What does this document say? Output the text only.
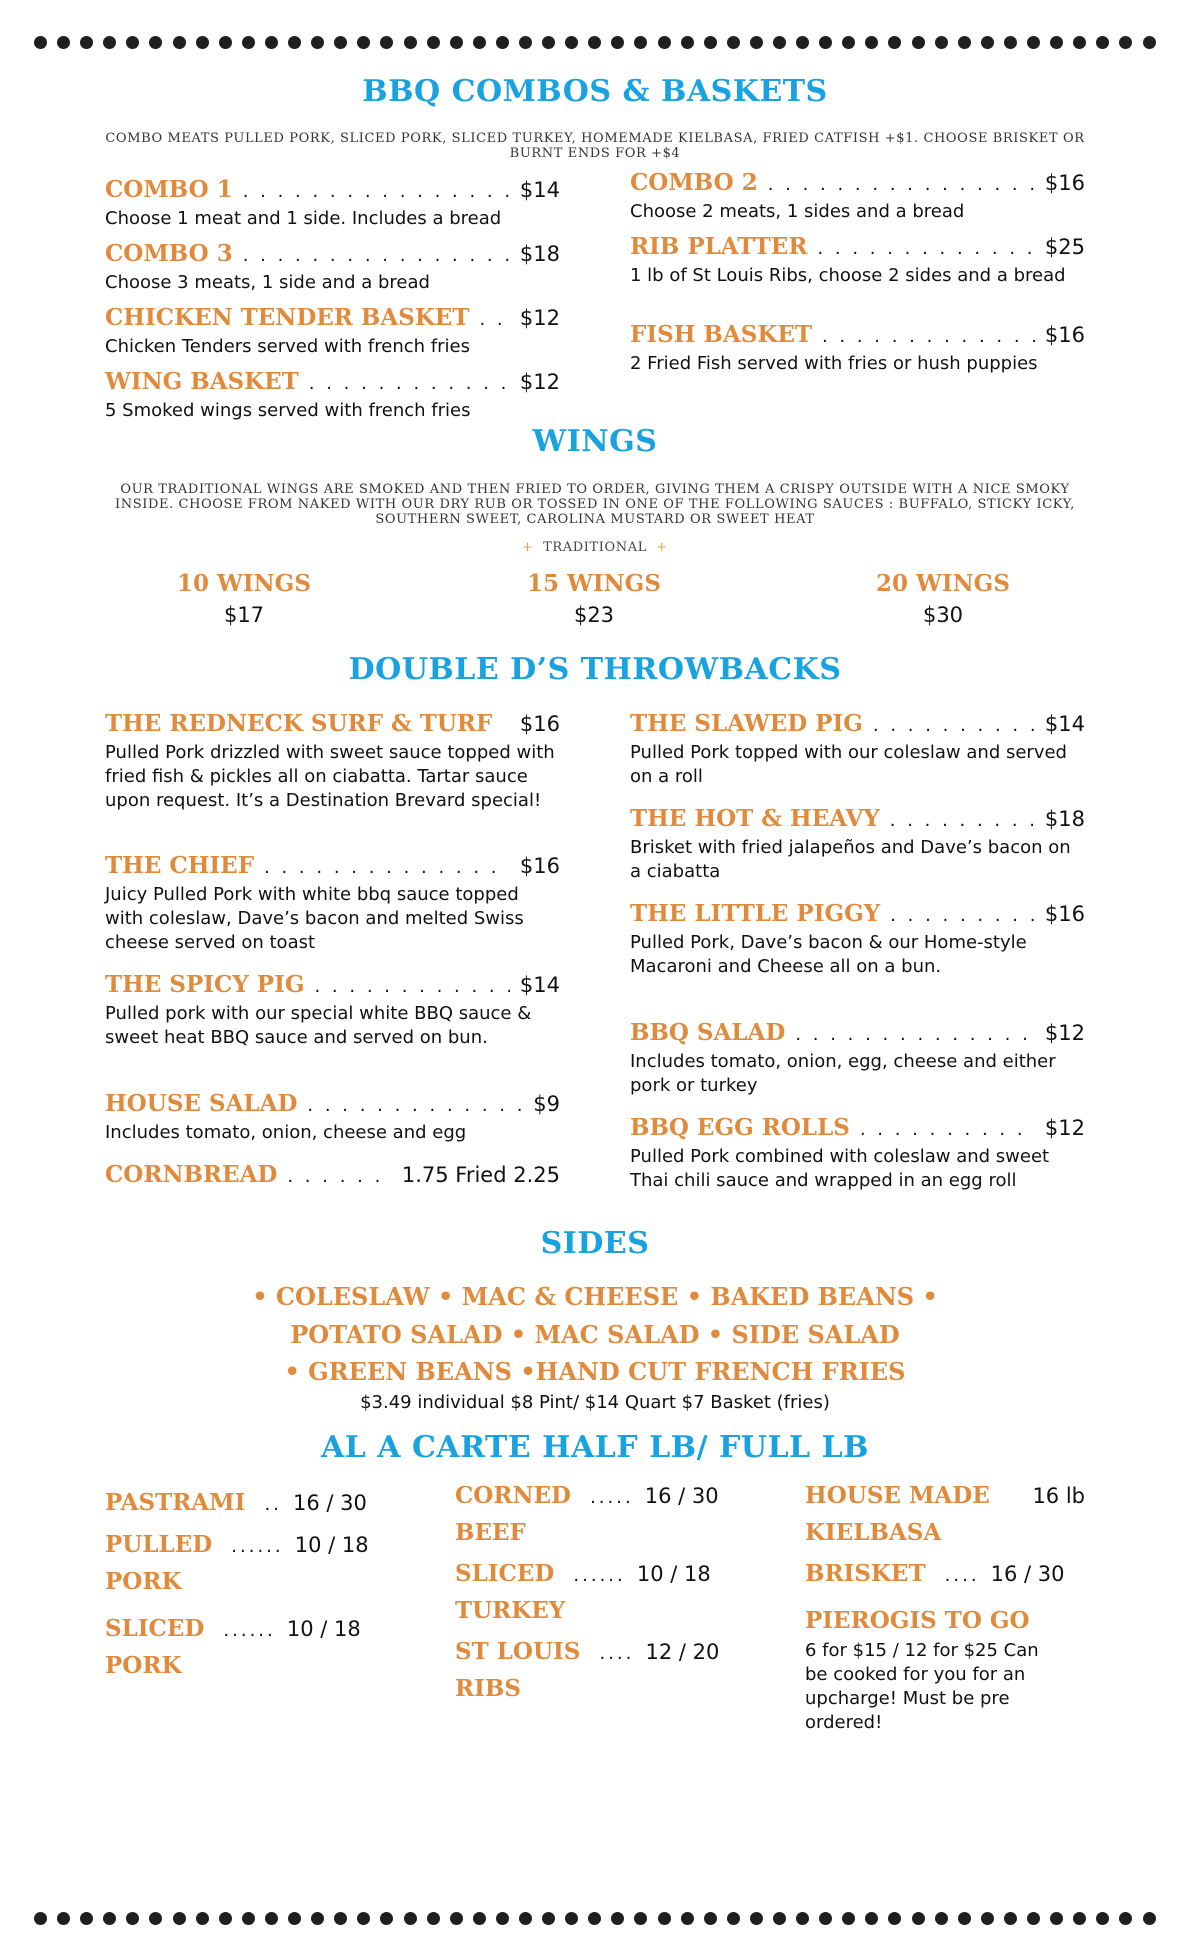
BBQ COMBOS & BASKETS
COMBO MEATS PULLED PORK, SLICED PORK, SLICED TURKEY, HOMEMADE KIELBASA, FRIED CATFISH +$1. CHOOSE BRISKET OR BURNT ENDS FOR +$4
COMBO 1 . . .	$14
Choose 1 meat and 1 side. Includes a bread
COMBO 3 . . .	$18
Choose 3 meats, 1 side and a bread
CHICKEN TENDER BASKET . . . $12
Chicken Tenders served with french fries
WING BASKET . . .	$12
5 Smoked wings served with french fries
COMBO 2 . . .	$16
Choose 2 meats, 1 sides and a bread
RIB PLATTER . . .	$25
1 lb of St Louis Ribs, choose 2 sides and a bread
FISH BASKET . . .	$16
2 Fried Fish served with fries or hush puppies
WINGS
OUR TRADITIONAL WINGS ARE SMOKED AND THEN FRIED TO ORDER, GIVING THEM A CRISPY OUTSIDE WITH A NICE SMOKY INSIDE. CHOOSE FROM NAKED WITH OUR DRY RUB OR TOSSED IN ONE OF THE FOLLOWING SAUCES : BUFFALO, STICKY ICKY, SOUTHERN SWEET, CAROLINA MUSTARD OR SWEET HEAT
+ TRADITIONAL +
10 WINGS
$17
15 WINGS
$23
20 WINGS
$30
DOUBLE D’S THROWBACKS
THE REDNECK SURF & TURF $16
Pulled Pork drizzled with sweet sauce topped with fried fish & pickles all on ciabatta. Tartar sauce upon request. It’s a Destination Brevard special!
THE CHIEF . . .	$16
Juicy Pulled Pork with white bbq sauce topped with coleslaw, Dave’s bacon and melted Swiss cheese served on toast
THE SPICY PIG . . .	$14
Pulled pork with our special white BBQ sauce & sweet heat BBQ sauce and served on bun.
HOUSE SALAD . . .	$9
Includes tomato, onion, cheese and egg
CORNBREAD . . .	1.75 Fried 2.25
THE SLAWED PIG . . .	$14
Pulled Pork topped with our coleslaw and served on a roll
THE HOT & HEAVY . . .	$18
Brisket with fried jalapeños and Dave’s bacon on a ciabatta
THE LITTLE PIGGY . . .	$16
Pulled Pork, Dave’s bacon & our Home-style Macaroni and Cheese all on a bun.
BBQ SALAD . . .	$12
Includes tomato, onion, egg, cheese and either pork or turkey
BBQ EGG ROLLS . . .	$12
Pulled Pork combined with coleslaw and sweet Thai chili sauce and wrapped in an egg roll
SIDES
• COLESLAW • MAC & CHEESE • BAKED BEANS •
POTATO SALAD • MAC SALAD • SIDE SALAD
• GREEN BEANS •HAND CUT FRENCH FRIES
$3.49 individual $8 Pint/ $14 Quart $7 Basket (fries)
AL A CARTE HALF LB/ FULL LB
PASTRAMI .. 16 / 30
PULLED ...... 10 / 18
PORK
SLICED ...... 10 / 18
PORK
CORNED ..... 16 / 30
BEEF
SLICED ...... 10 / 18
TURKEY
ST LOUIS .... 12 / 20
RIBS
HOUSE MADE 16 lb
KIELBASA
BRISKET .... 16 / 30
PIEROGIS TO GO
6 for $15 / 12 for $25 Can be cooked for you for an upcharge! Must be pre ordered!
